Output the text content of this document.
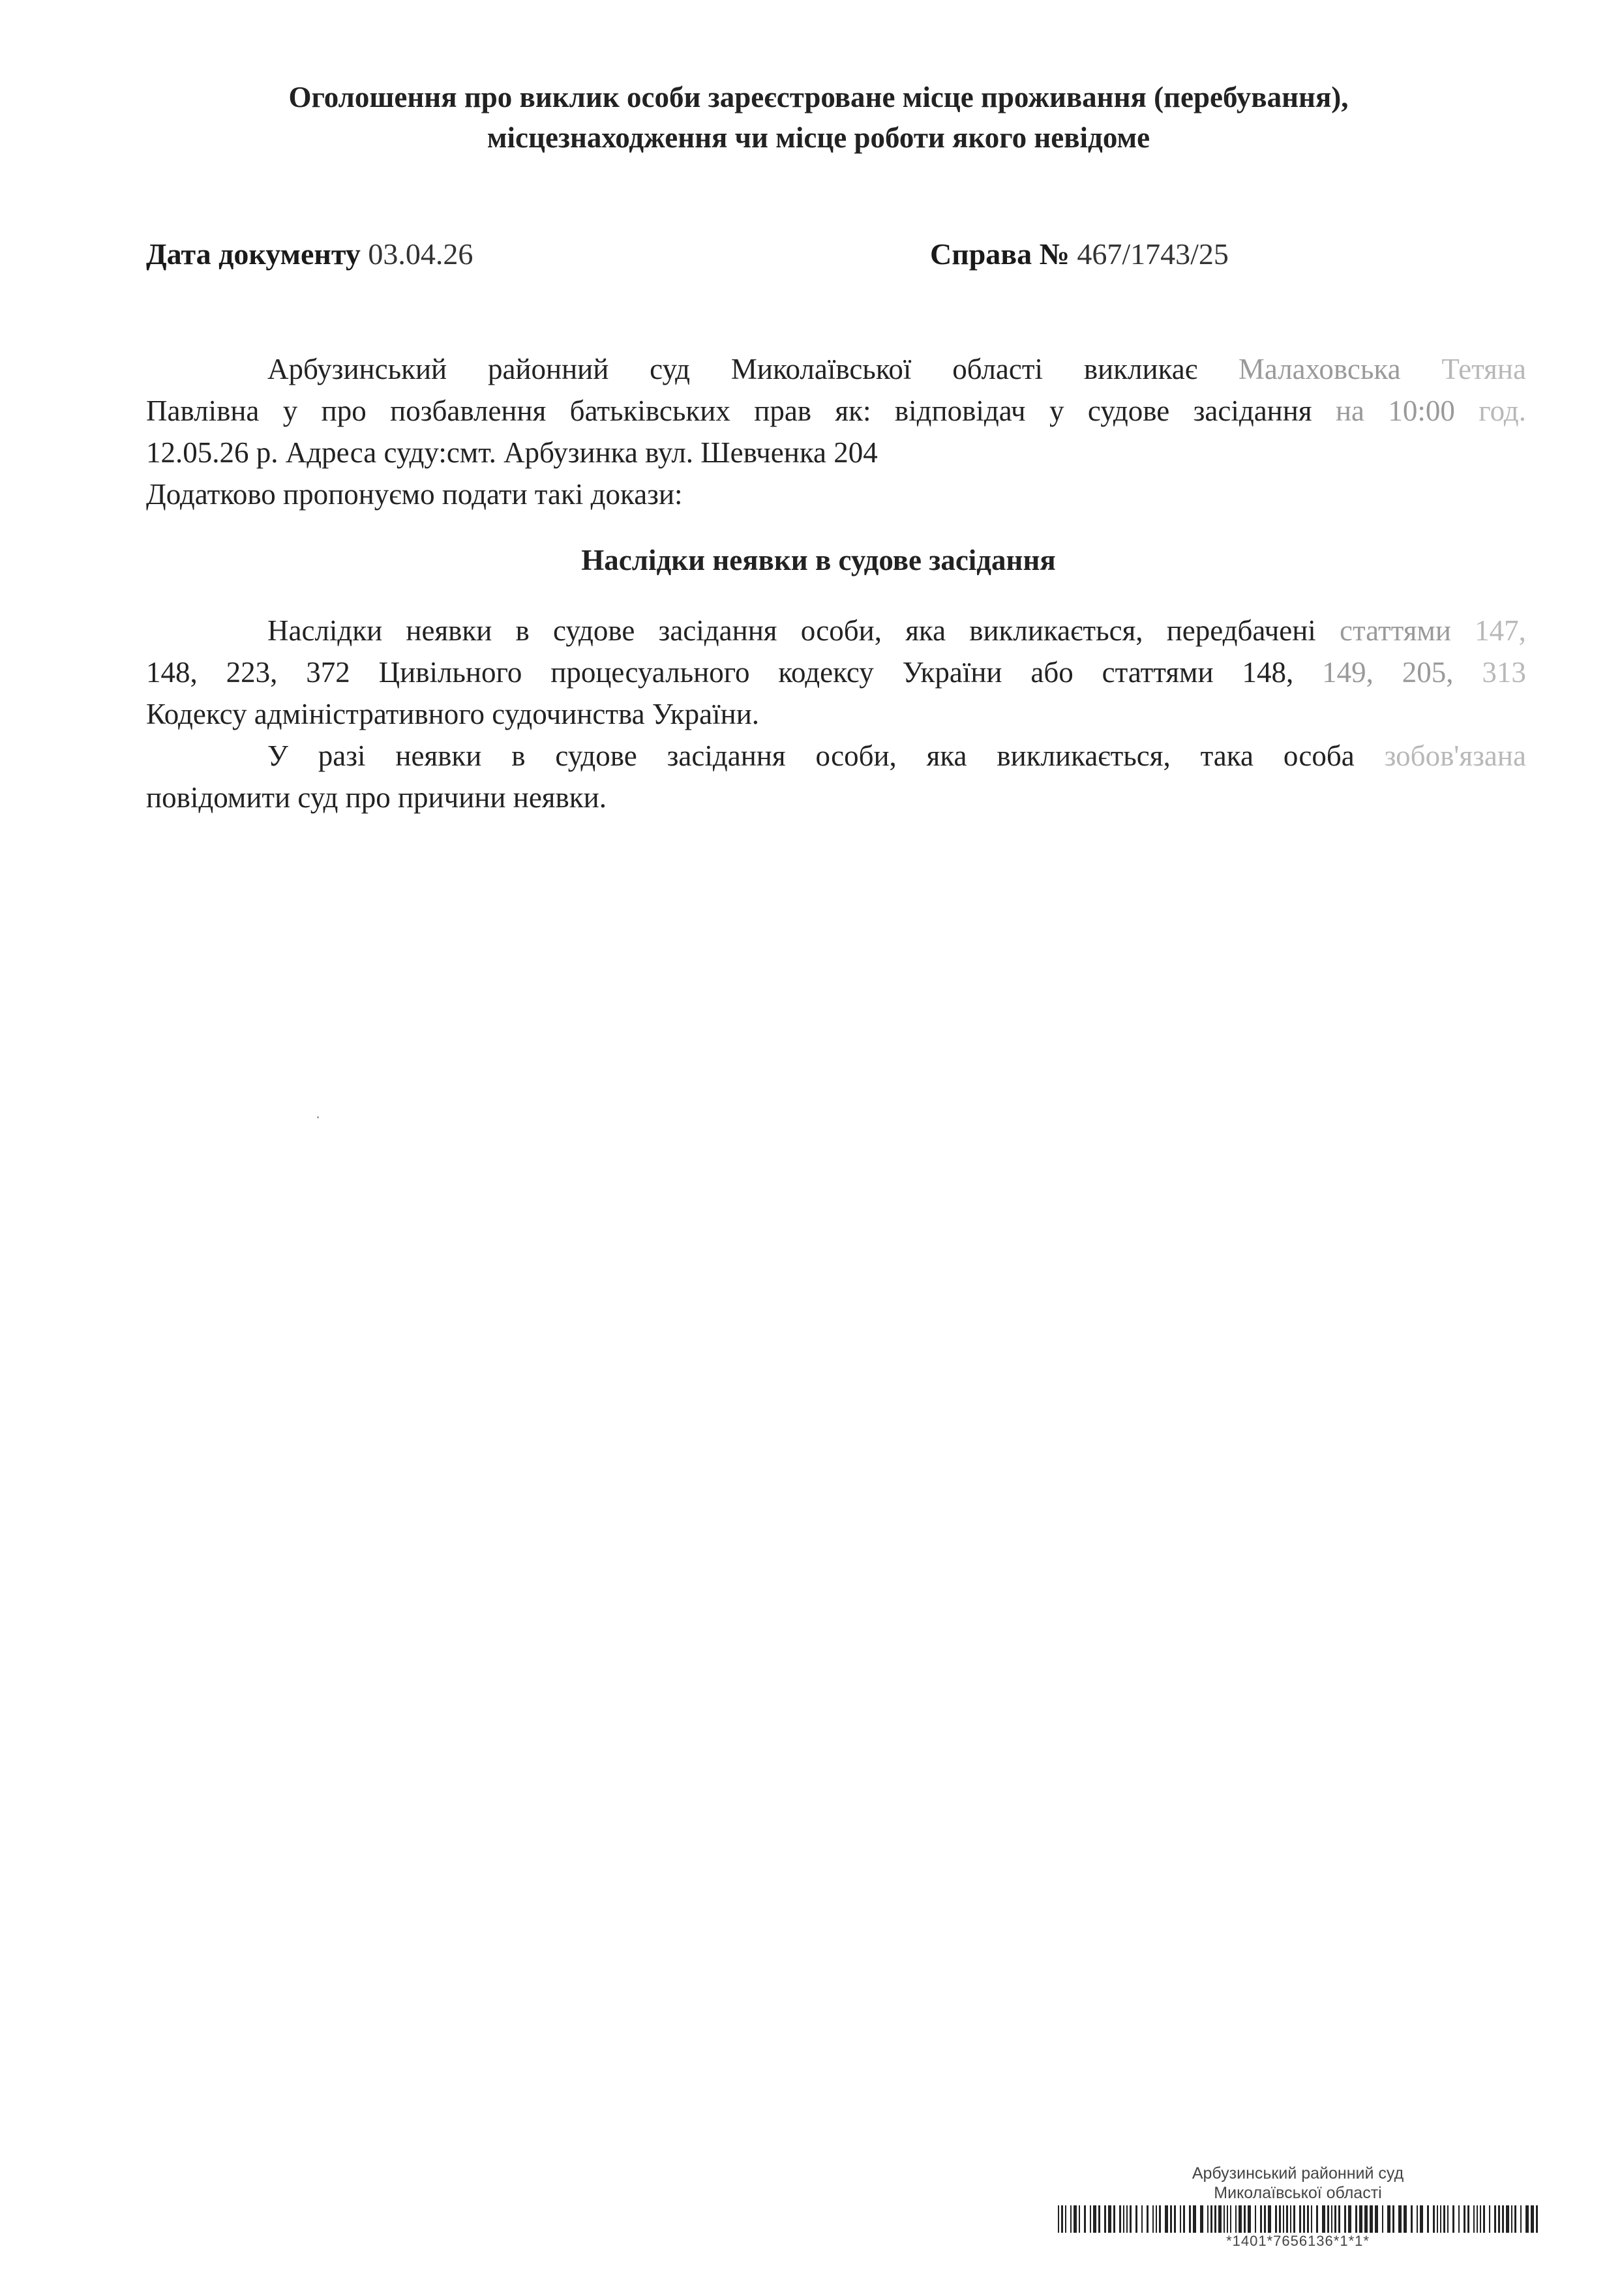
Оголошення про виклик особи зареєстроване місце проживання (перебування),
місцезнаходження чи місце роботи якого невідоме
Дата документу 03.04.26	Справа № 467/1743/25
Арбузинський районний суд Миколаївської області викликає Малаховська Тетяна
Павлівна у про позбавлення батьківських прав як: відповідач у судове засідання на 10:00 год.
12.05.26 р. Адреса суду:смт. Арбузинка вул. Шевченка 204
Додатково пропонуємо подати такі докази:
Наслідки неявки в судове засідання
Наслідки неявки в судове засідання особи, яка викликається, передбачені статтями 147,
148, 223, 372 Цивільного процесуального кодексу України або статтями 148, 149, 205, 313
Кодексу адміністративного судочинства України.
У разі неявки в судове засідання особи, яка викликається, така особа зобов'язана
повідомити суд про причини неявки.
Арбузинський районний суд
Миколаївської області
*1401*7656136*1*1*
